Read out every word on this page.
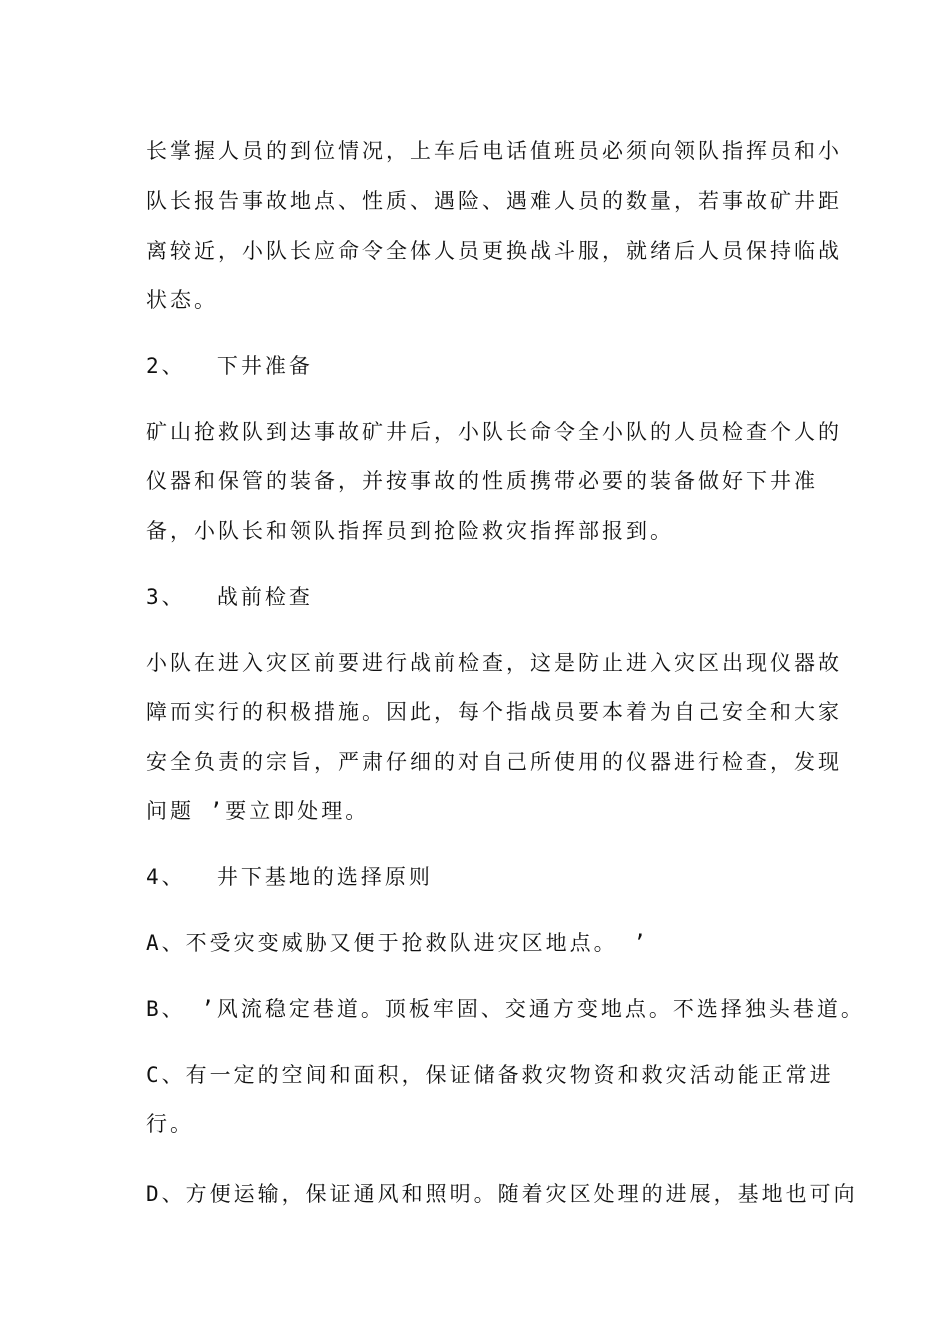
长掌握人员的到位情况，上车后电话值班员必须向领队指挥员和小
队长报告事故地点、性质、遇险、遇难人员的数量，若事故矿井距
离较近，小队长应命令全体人员更换战斗服，就绪后人员保持临战
状态。
2、  下井准备
矿山抢救队到达事故矿井后，小队长命令全小队的人员检查个人的
仪器和保管的装备，并按事故的性质携带必要的装备做好下井准
备，小队长和领队指挥员到抢险救灾指挥部报到。
3、  战前检查
小队在进入灾区前要进行战前检查，这是防止进入灾区出现仪器故
障而实行的积极措施。因此，每个指战员要本着为自己安全和大家
安全负责的宗旨，严肃仔细的对自己所使用的仪器进行检查，发现
问题 ’要立即处理。
4、  井下基地的选择原则
A、不受灾变威胁又便于抢救队进灾区地点。 ’
B、 ’风流稳定巷道。顶板牢固、交通方变地点。不选择独头巷道。
C、有一定的空间和面积，保证储备救灾物资和救灾活动能正常进
行。
D、方便运输，保证通风和照明。随着灾区处理的进展，基地也可向
